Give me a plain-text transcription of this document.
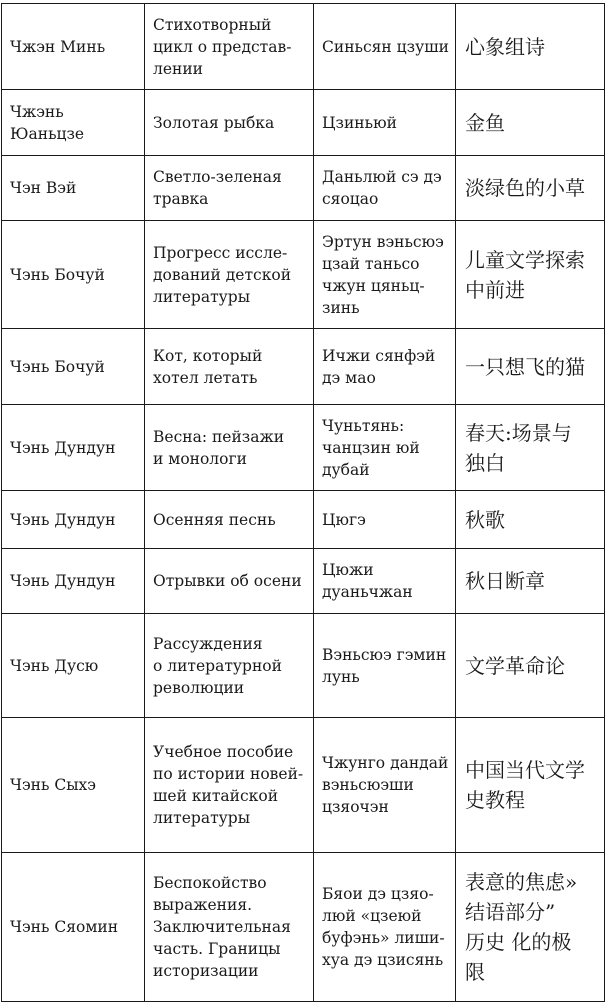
Чжэн Минь	Стихотворный
цикл о представ-
лении	Синьсян цзуши	心象组诗

Чжэнь
Юаньцзе	Золотая рыбка	Цзиньюй	金鱼

Чэн Вэй	Светло-зеленая
травка	Даньлюй сэ дэ
сяоцао	淡绿色的小草

Чэнь Бочуй	Прогресс иссле-
дований детской
литературы	Эртун вэньсюэ
цзай таньсо
чжун цяньц-
зинь	儿童文学探索
中前进

Чэнь Бочуй	Кот, который
хотел летать	Ичжи сянфэй
дэ мао	一只想飞的猫

Чэнь Дундун	Весна: пейзажи
и монологи	Чуньтянь:
чанцзин юй
дубай	春天:场景与
独白

Чэнь Дундун	Осенняя песнь	Цюгэ	秋歌

Чэнь Дундун	Отрывки об осени	Цюжи
дуаньчжан	秋日断章

Чэнь Дусю	Рассуждения
о литературной
революции	Вэньсюэ гэмин
лунь	文学革命论

Чэнь Сыхэ	Учебное пособие
по истории новей-
шей китайской
литературы	Чжунго дандай
вэньсюэши
цзяочэн	中国当代文学
史教程

Чэнь Сяомин	Беспокойство
выражения.
Заключительная
часть. Границы
историзации	Бяои дэ цзяо-
люй «цзеюй
буфэнь» лиши-
хуа дэ цзисянь	表意的焦虑»
结语部分”
历史 化的极
限
